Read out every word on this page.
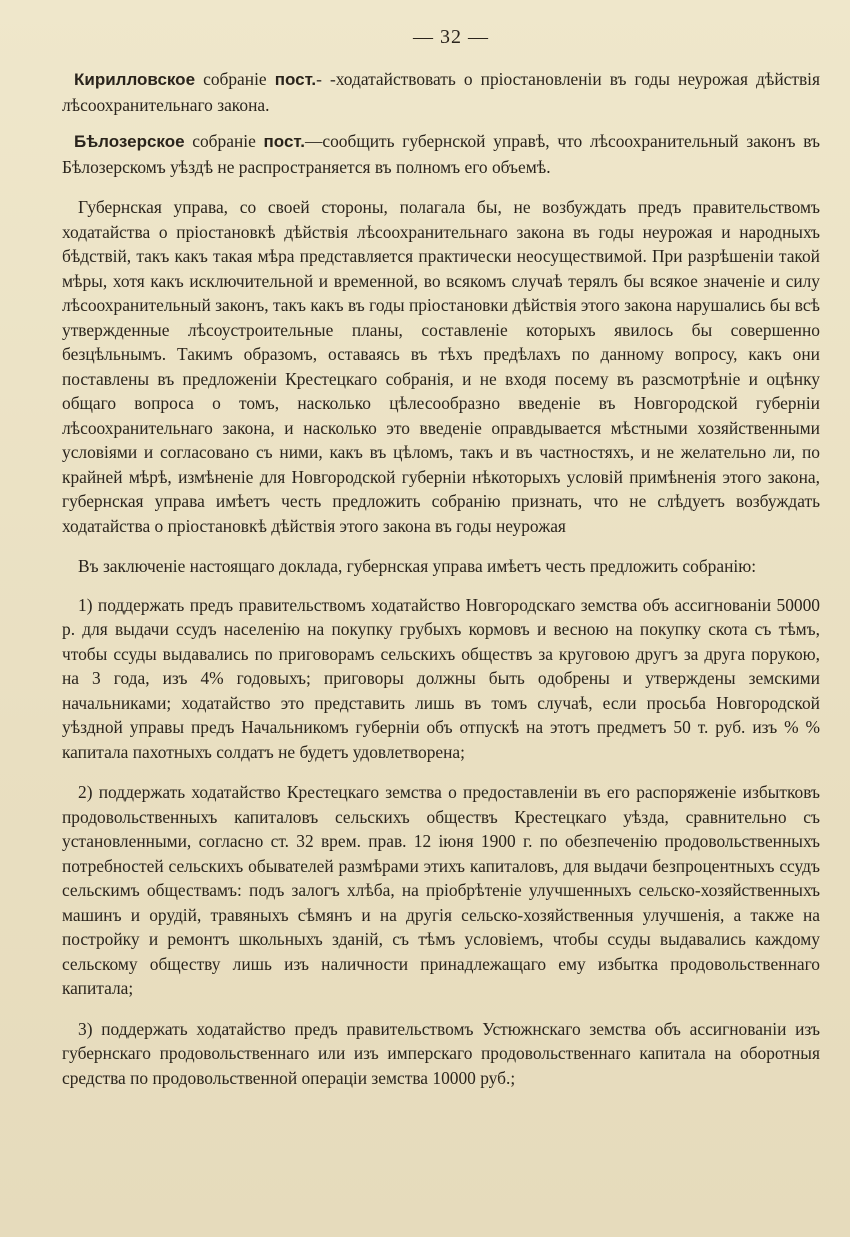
— 32 —

Кирилловское собраніе пост.- -ходатайствовать о пріостановленіи въ годы неурожая дѣйствія лѣсоохранительнаго закона.

Бѣлозерское собраніе пост.—сообщить губернской управѣ, что лѣсоохранительный законъ въ Бѣлозерскомъ уѣздѣ не распространяется въ полномъ его объемѣ.

Губернская управа, со своей стороны, полагала бы, не возбуждать предъ правительствомъ ходатайства о пріостановкѣ дѣйствія лѣсоохранительнаго закона въ годы неурожая и народныхъ бѣдствій, такъ какъ такая мѣра представляется практически неосуществимой. При разрѣшеніи такой мѣры, хотя какъ исключительной и временной, во всякомъ случаѣ терялъ бы всякое значеніе и силу лѣсоохранительный законъ, такъ какъ въ годы пріостановки дѣйствія этого закона нарушались бы всѣ утвержденные лѣсоустроительные планы, составленіе которыхъ явилось бы совершенно безцѣльнымъ. Такимъ образомъ, оставаясь въ тѣхъ предѣлахъ по данному вопросу, какъ они поставлены въ предложеніи Крестецкаго собранія, и не входя посему въ разсмотрѣніе и оцѣнку общаго вопроса о томъ, насколько цѣлесообразно введеніе въ Новгородской губерніи лѣсоохранительнаго закона, и насколько это введеніе оправдывается мѣстными хозяйственными условіями и согласовано съ ними, какъ въ цѣломъ, такъ и въ частностяхъ, и не желательно ли, по крайней мѣрѣ, измѣненіе для Новгородской губерніи нѣкоторыхъ условій примѣненія этого закона, губернская управа имѣетъ честь предложить собранію признать, что не слѣдуетъ возбуждать ходатайства о пріостановкѣ дѣйствія этого закона въ годы неурожая

Въ заключеніе настоящаго доклада, губернская управа имѣетъ честь предложить собранію:

1) поддержать предъ правительствомъ ходатайство Новгородскаго земства объ ассигнованіи 50000 р. для выдачи ссудъ населенію на покупку грубыхъ кормовъ и весною на покупку скота съ тѣмъ, чтобы ссуды выдавались по приговорамъ сельскихъ обществъ за круговою другъ за друга порукою, на 3 года, изъ 4% годовыхъ; приговоры должны быть одобрены и утверждены земскими начальниками; ходатайство это представить лишь въ томъ случаѣ, если просьба Новгородской уѣздной управы предъ Начальникомъ губерніи объ отпускѣ на этотъ предметъ 50 т. руб. изъ % % капитала пахотныхъ солдатъ не будетъ удовлетворена;

2) поддержать ходатайство Крестецкаго земства о предоставленіи въ его распоряженіе избытковъ продовольственныхъ капиталовъ сельскихъ обществъ Крестецкаго уѣзда, сравнительно съ установленными, согласно ст. 32 врем. прав. 12 іюня 1900 г. по обезпеченію продовольственныхъ потребностей сельскихъ обывателей размѣрами этихъ капиталовъ, для выдачи безпроцентныхъ ссудъ сельскимъ обществамъ: подъ залогъ хлѣба, на пріобрѣтеніе улучшенныхъ сельско-хозяйственныхъ машинъ и орудій, травяныхъ сѣмянъ и на другія сельско-хозяйственныя улучшенія, а также на постройку и ремонтъ школьныхъ зданій, съ тѣмъ условіемъ, чтобы ссуды выдавались каждому сельскому обществу лишь изъ наличности принадлежащаго ему избытка продовольственнаго капитала;

3) поддержать ходатайство предъ правительствомъ Устюжнскаго земства объ ассигнованіи изъ губернскаго продовольственнаго или изъ имперскаго продовольственнаго капитала на оборотныя средства по продовольственной операціи земства 10000 руб.;
